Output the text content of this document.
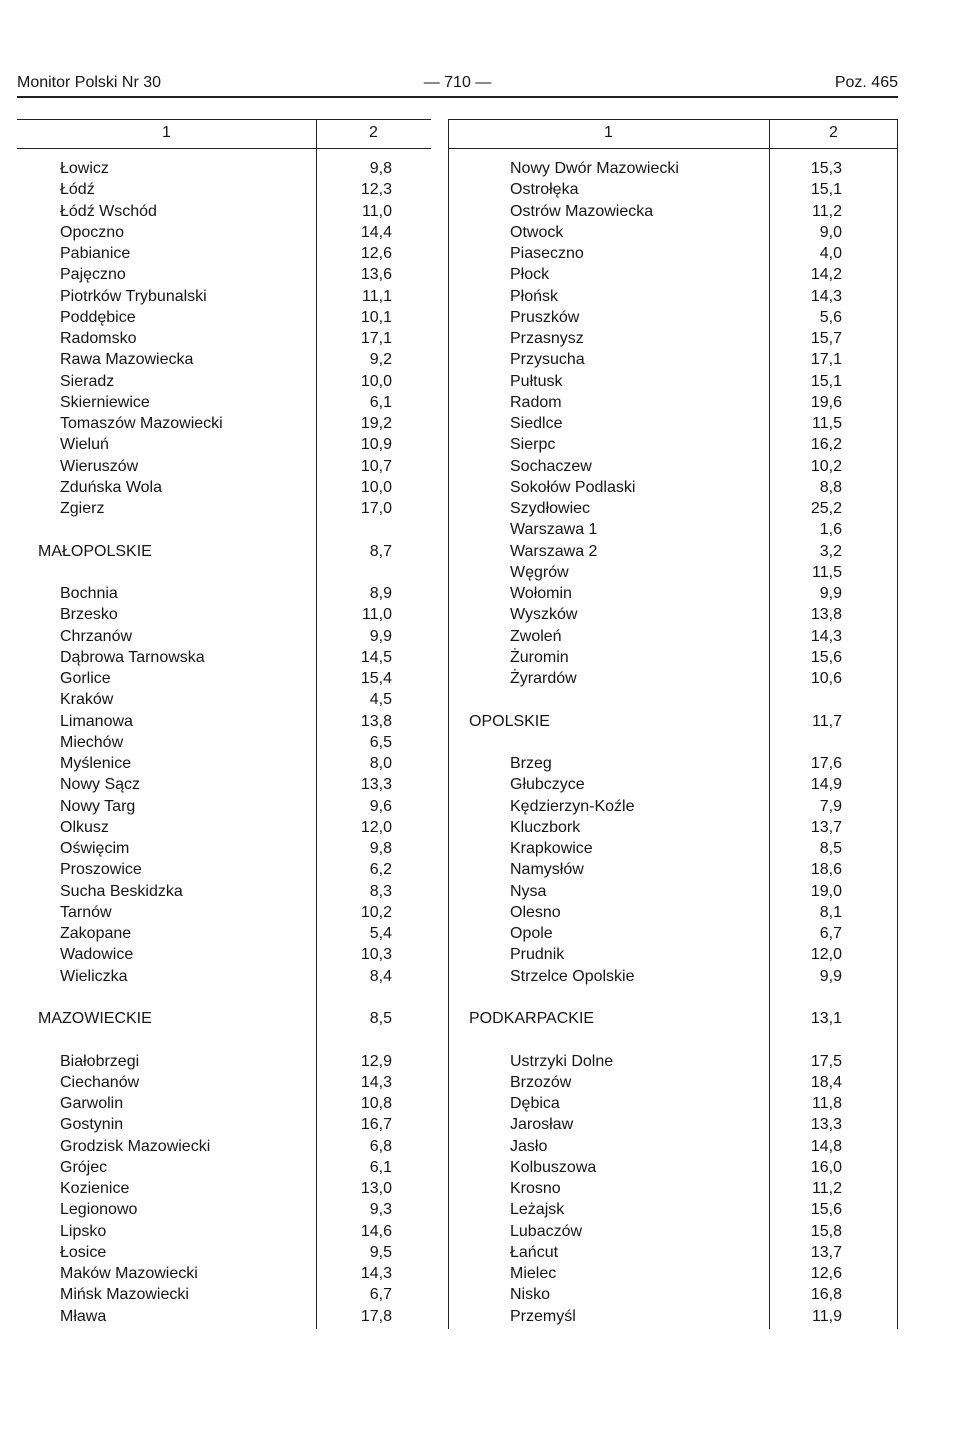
Monitor Polski Nr 30	— 710 —	Poz. 465
1	2
Łowicz	9,8
Łódź	12,3
Łódź Wschód	11,0
Opoczno	14,4
Pabianice	12,6
Pajęczno	13,6
Piotrków Trybunalski	11,1
Poddębice	10,1
Radomsko	17,1
Rawa Mazowiecka	9,2
Sieradz	10,0
Skierniewice	6,1
Tomaszów Mazowiecki	19,2
Wieluń	10,9
Wieruszów	10,7
Zduńska Wola	10,0
Zgierz	17,0
MAŁOPOLSKIE	8,7
Bochnia	8,9
Brzesko	11,0
Chrzanów	9,9
Dąbrowa Tarnowska	14,5
Gorlice	15,4
Kraków	4,5
Limanowa	13,8
Miechów	6,5
Myślenice	8,0
Nowy Sącz	13,3
Nowy Targ	9,6
Olkusz	12,0
Oświęcim	9,8
Proszowice	6,2
Sucha Beskidzka	8,3
Tarnów	10,2
Zakopane	5,4
Wadowice	10,3
Wieliczka	8,4
MAZOWIECKIE	8,5
Białobrzegi	12,9
Ciechanów	14,3
Garwolin	10,8
Gostynin	16,7
Grodzisk Mazowiecki	6,8
Grójec	6,1
Kozienice	13,0
Legionowo	9,3
Lipsko	14,6
Łosice	9,5
Maków Mazowiecki	14,3
Mińsk Mazowiecki	6,7
Mława	17,8
1	2
Nowy Dwór Mazowiecki	15,3
Ostrołęka	15,1
Ostrów Mazowiecka	11,2
Otwock	9,0
Piaseczno	4,0
Płock	14,2
Płońsk	14,3
Pruszków	5,6
Przasnysz	15,7
Przysucha	17,1
Pułtusk	15,1
Radom	19,6
Siedlce	11,5
Sierpc	16,2
Sochaczew	10,2
Sokołów Podlaski	8,8
Szydłowiec	25,2
Warszawa 1	1,6
Warszawa 2	3,2
Węgrów	11,5
Wołomin	9,9
Wyszków	13,8
Zwoleń	14,3
Żuromin	15,6
Żyrardów	10,6
OPOLSKIE	11,7
Brzeg	17,6
Głubczyce	14,9
Kędzierzyn-Koźle	7,9
Kluczbork	13,7
Krapkowice	8,5
Namysłów	18,6
Nysa	19,0
Olesno	8,1
Opole	6,7
Prudnik	12,0
Strzelce Opolskie	9,9
PODKARPACKIE	13,1
Ustrzyki Dolne	17,5
Brzozów	18,4
Dębica	11,8
Jarosław	13,3
Jasło	14,8
Kolbuszowa	16,0
Krosno	11,2
Leżajsk	15,6
Lubaczów	15,8
Łańcut	13,7
Mielec	12,6
Nisko	16,8
Przemyśl	11,9
